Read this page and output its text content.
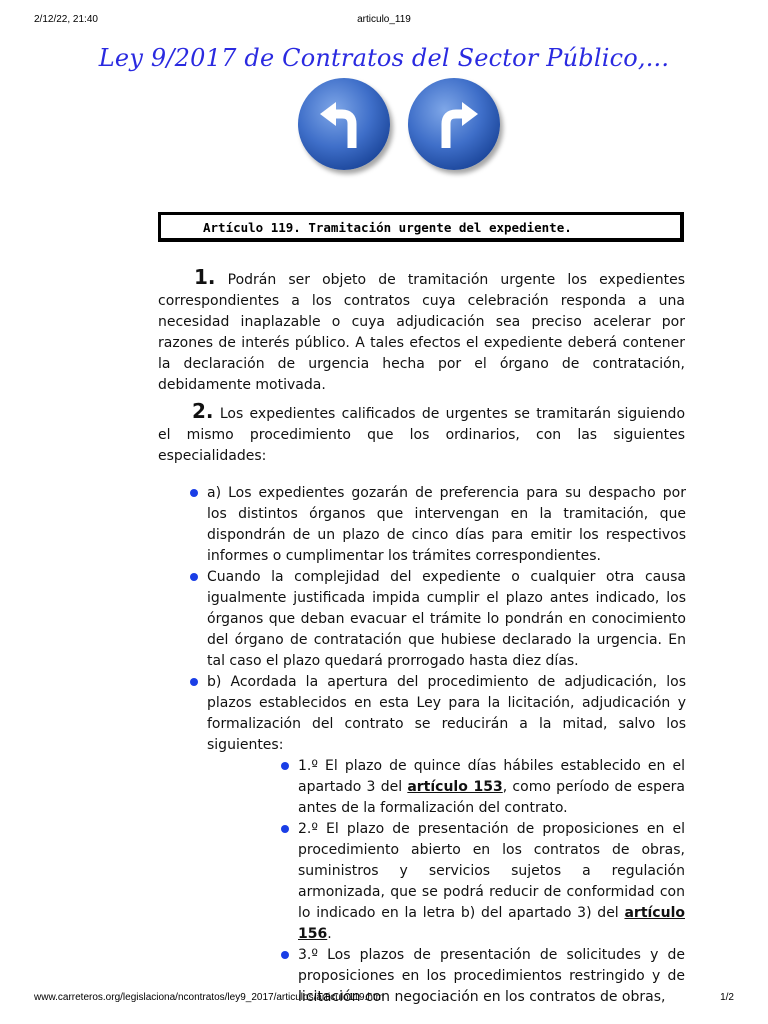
2/12/22, 21:40	articulo_119
Ley 9/2017 de Contratos del Sector Público,...
Artículo 119. Tramitación urgente del expediente.
1. Podrán ser objeto de tramitación urgente los expedientes correspondientes a los contratos cuya celebración responda a una necesidad inaplazable o cuya adjudicación sea preciso acelerar por razones de interés público. A tales efectos el expediente deberá contener la declaración de urgencia hecha por el órgano de contratación, debidamente motivada.
2. Los expedientes calificados de urgentes se tramitarán siguiendo el mismo procedimiento que los ordinarios, con las siguientes especialidades:
a) Los expedientes gozarán de preferencia para su despacho por los distintos órganos que intervengan en la tramitación, que dispondrán de un plazo de cinco días para emitir los respectivos informes o cumplimentar los trámites correspondientes.
Cuando la complejidad del expediente o cualquier otra causa igualmente justificada impida cumplir el plazo antes indicado, los órganos que deban evacuar el trámite lo pondrán en conocimiento del órgano de contratación que hubiese declarado la urgencia. En tal caso el plazo quedará prorrogado hasta diez días.
b) Acordada la apertura del procedimiento de adjudicación, los plazos establecidos en esta Ley para la licitación, adjudicación y formalización del contrato se reducirán a la mitad, salvo los siguientes:
1.º El plazo de quince días hábiles establecido en el apartado 3 del artículo 153, como período de espera antes de la formalización del contrato.
2.º El plazo de presentación de proposiciones en el procedimiento abierto en los contratos de obras, suministros y servicios sujetos a regulación armonizada, que se podrá reducir de conformidad con lo indicado en la letra b) del apartado 3) del artículo 156.
3.º Los plazos de presentación de solicitudes y de proposiciones en los procedimientos restringido y de licitación con negociación en los contratos de obras,
www.carreteros.org/legislaciona/ncontratos/ley9_2017/articulos/articulo119.htm	1/2
